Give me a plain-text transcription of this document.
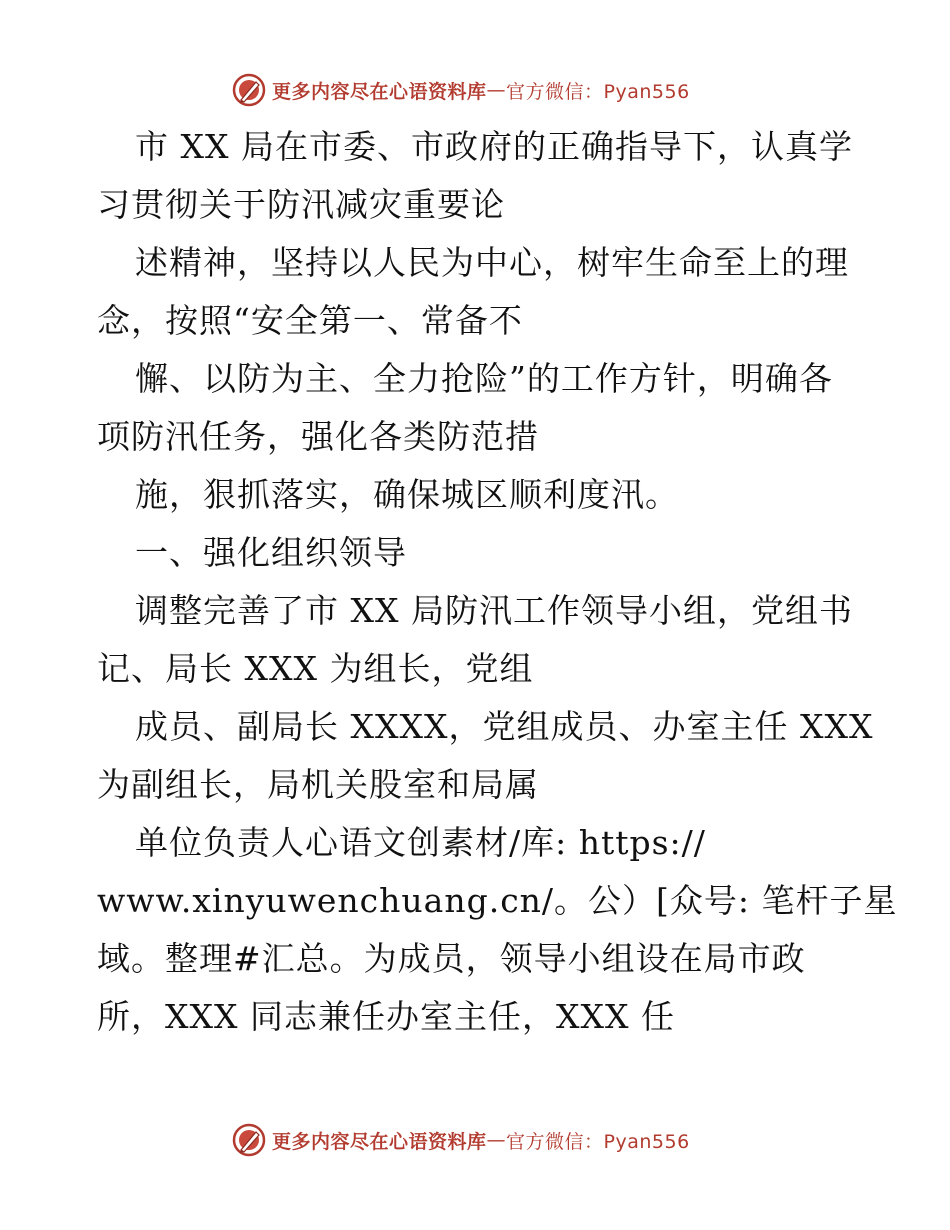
更多内容尽在心语资料库 — 官方微信：Pyan556
市 XX 局在市委、市政府的正确指导下，认真学
习贯彻关于防汛减灾重要论
述精神，坚持以人民为中心，树牢生命至上的理
念，按照“安全第一、常备不
懈、以防为主、全力抢险”的工作方针，明确各
项防汛任务，强化各类防范措
施，狠抓落实，确保城区顺利度汛。
一、强化组织领导
调整完善了市 XX 局防汛工作领导小组，党组书
记、局长 XXX 为组长，党组
成员、副局长 XXXX，党组成员、办室主任 XXX
为副组长，局机关股室和局属
单位负责人心语文创素材/库: https://
www.xinyuwenchuang.cn/。公）[众号: 笔杆子星
域。整理#汇总。为成员，领导小组设在局市政
所，XXX 同志兼任办室主任，XXX 任
更多内容尽在心语资料库 — 官方微信：Pyan556
